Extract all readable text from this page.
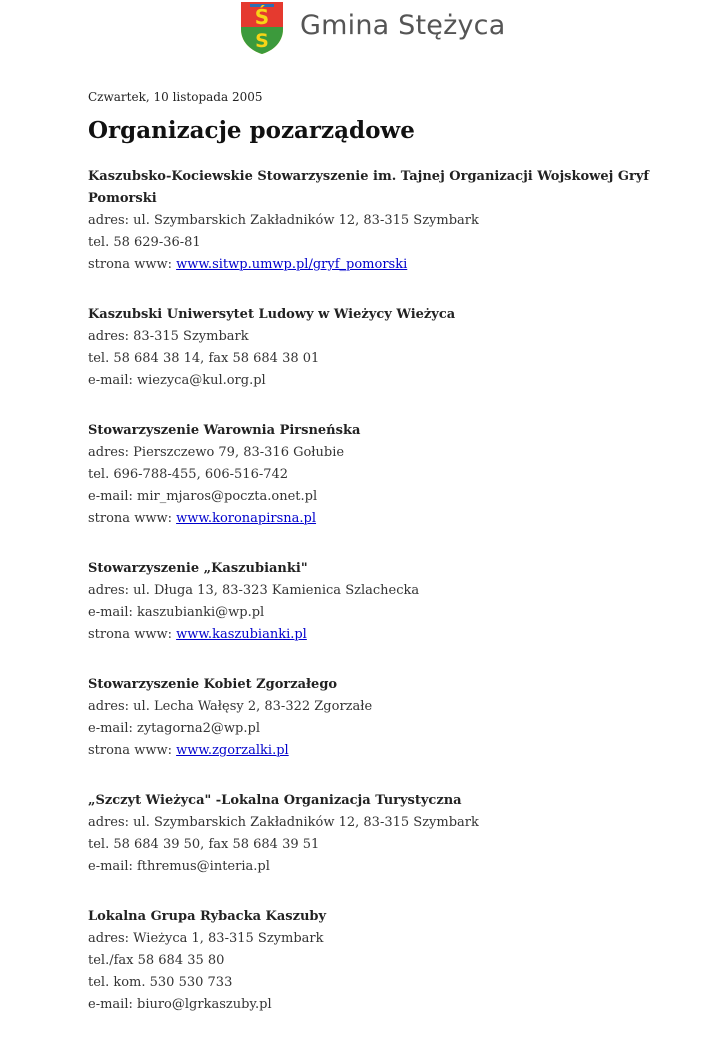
Ś
S
Gmina Stężyca

Czwartek, 10 listopada 2005

Organizacje pozarządowe

Kaszubsko-Kociewskie Stowarzyszenie im. Tajnej Organizacji Wojskowej Gryf Pomorski

adres: ul. Szymbarskich Zakładników 12, 83-315 Szymbark

tel. 58 629-36-81

strona www: www.sitwp.umwp.pl/gryf_pomorski

Kaszubski Uniwersytet Ludowy w Wieżycy Wieżyca

adres: 83-315 Szymbark

tel. 58 684 38 14, fax 58 684 38 01

e-mail: wiezyca@kul.org.pl

Stowarzyszenie Warownia Pirsneńska

adres: Pierszczewo 79, 83-316 Gołubie

tel. 696-788-455, 606-516-742

e-mail: mir_mjaros@poczta.onet.pl

strona www: www.koronapirsna.pl

Stowarzyszenie „Kaszubianki"

adres: ul. Długa 13, 83-323 Kamienica Szlachecka

e-mail: kaszubianki@wp.pl

strona www: www.kaszubianki.pl

Stowarzyszenie Kobiet Zgorzałego

adres: ul. Lecha Wałęsy 2, 83-322 Zgorzałe

e-mail: zytagorna2@wp.pl

strona www: www.zgorzalki.pl

„Szczyt Wieżyca" -Lokalna Organizacja Turystyczna

adres: ul. Szymbarskich Zakładników 12, 83-315 Szymbark

tel. 58 684 39 50, fax 58 684 39 51

e-mail: fthremus@interia.pl

Lokalna Grupa Rybacka Kaszuby

adres: Wieżyca 1, 83-315 Szymbark

tel./fax 58 684 35 80

tel. kom. 530 530 733

e-mail: biuro@lgrkaszuby.pl
